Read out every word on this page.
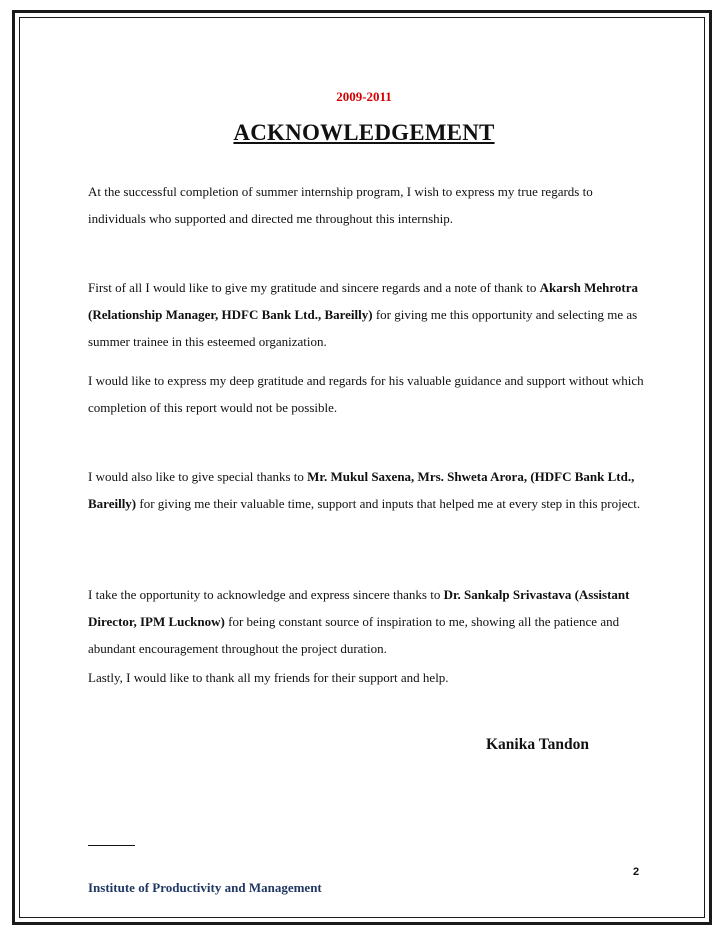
2009-2011
ACKNOWLEDGEMENT

At the successful completion of summer internship program, I wish to express my true regards to individuals who supported and directed me throughout this internship.

First of all I would like to give my gratitude and sincere regards and a note of thank to Akarsh Mehrotra (Relationship Manager, HDFC Bank Ltd., Bareilly) for giving me this opportunity and selecting me as summer trainee in this esteemed organization.

I would like to express my deep gratitude and regards for his valuable guidance and support without which completion of this report would not be possible.

I would also like to give special thanks to Mr. Mukul Saxena, Mrs. Shweta Arora, (HDFC Bank Ltd., Bareilly) for giving me their valuable time, support and inputs that helped me at every step in this project.

I take the opportunity to acknowledge and express sincere thanks to Dr. Sankalp Srivastava (Assistant Director, IPM Lucknow) for being constant source of inspiration to me, showing all the patience and abundant encouragement throughout the project duration.

Lastly, I would like to thank all my friends for their support and help.

Kanika Tandon
2
Institute of Productivity and Management
